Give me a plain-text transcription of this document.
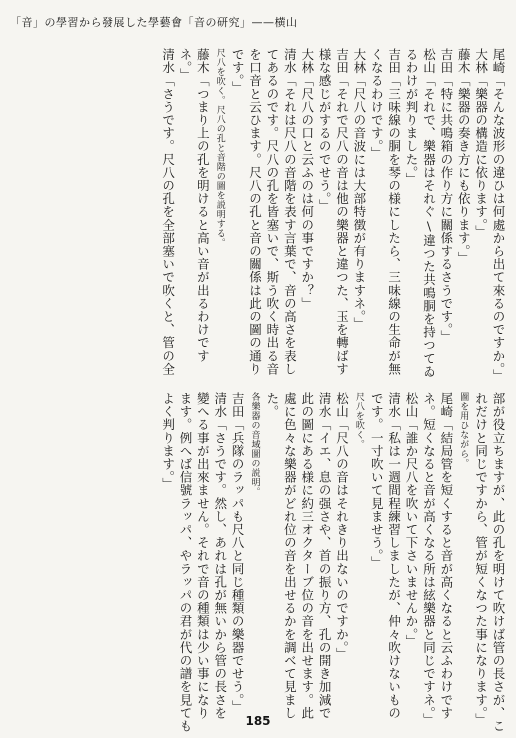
「音」の學習から發展した學藝會「音の研究」——横山
尾崎「そんな波形の違ひは何處から出て來るのですか。」
大林「樂器の構造に依ります。」
藤木「樂器の奏き方にも依ります。」
吉田「特に共鳴箱の作り方に關係するさうです。」
松山「それで、樂器はそれぐ\違つた共鳴胴を持つてゐ
るわけが判りました。」
吉田「三味線の胴を琴の様にしたら、三味線の生命が無
くなるわけです。」
大林「尺八の音波には大部特徴が有りますネ。」
吉田「それで尺八の音は他の樂器と違つた、玉を轉ばす
様な感じがするのでせう。」
大林「尺八の口と云ふのは何の事ですか？」
清水「それは尺八の音階を表す言葉で、音の高さを表し
てあるのです。尺八の孔を皆塞いで、斯う吹く時出る音
を口音と云ひます。尺八の孔と音の關係は此の圖の通り
です。」
尺八を吹く。尺八の孔と音階の圖を説明する。
藤木「つまり上の孔を明けると高い音が出るわけです
ネ。」
清水「さうです。尺八の孔を全部塞いで吹くと、管の全
部が役立ちますが、此の孔を明けて吹けば管の長さが、こ
れだけと同じですから、管が短くなつた事になります。」
圖を用ひながら。
尾崎「結局管を短くすると音が高くなると云ふわけです
ネ。短くなると音が高くなる所は絃樂器と同じですネ。」
松山「誰か尺八を吹いて下さいませんか。」
清水「私は一週間程練習しましたが、仲々吹けないもの
です。一寸吹いて見ませう。」
尺八を吹く。
松山「尺八の音はそれきり出ないのですか。」
清水「イエ、息の强さや、首の振り方、孔の開き加減で
此の圖にある様に約三オクターブ位の音を出せます。此
處に色々な樂器がどれ位の音を出せるかを調べて見まし
た。
各樂器の音域圖の説明。
吉田「兵隊のラッパも尺八と同じ種類の樂器でせう。」
清水「さうです。然し、あれは孔が無いから管の長さを
變へる事が出來ません。それで音の種類は少い事になり
ます。例へば信號ラッパ、やラッパの君が代の譜を見ても
よく判ります。」
185
